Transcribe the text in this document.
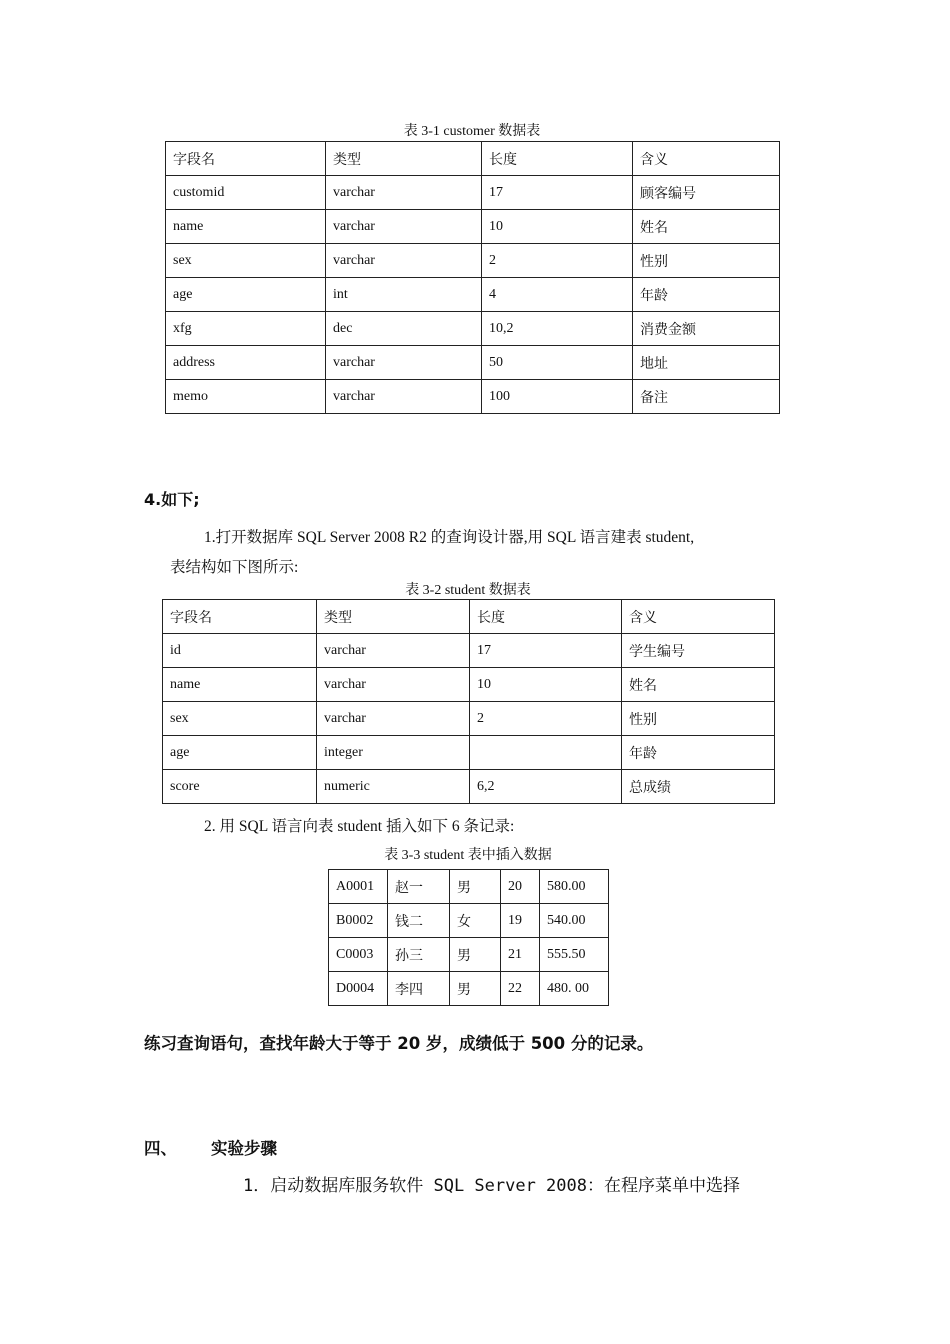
表 3-1 customer 数据表
字段名	类型	长度	含义
customid	varchar	17	顾客编号
name	varchar	10	姓名
sex	varchar	2	性别
age	int	4	年龄
xfg	dec	10,2	消费金额
address	varchar	50	地址
memo	varchar	100	备注
4.如下;
1.打开数据库 SQL Server 2008 R2 的查询设计器,用 SQL 语言建表 student,
表结构如下图所示:
表 3-2 student 数据表
字段名	类型	长度	含义
id	varchar	17	学生编号
name	varchar	10	姓名
sex	varchar	2	性别
age	integer		年龄
score	numeric	6,2	总成绩
2. 用 SQL 语言向表 student 插入如下 6 条记录:
表 3-3 student 表中插入数据
A0001	赵一	男	20	580.00
B0002	钱二	女	19	540.00
C0003	孙三	男	21	555.50
D0004	李四	男	22	480. 00
练习查询语句，查找年龄大于等于 20 岁，成绩低于 500 分的记录。
四、 实验步骤
1．启动数据库服务软件 SQL Server 2008：在程序菜单中选择
